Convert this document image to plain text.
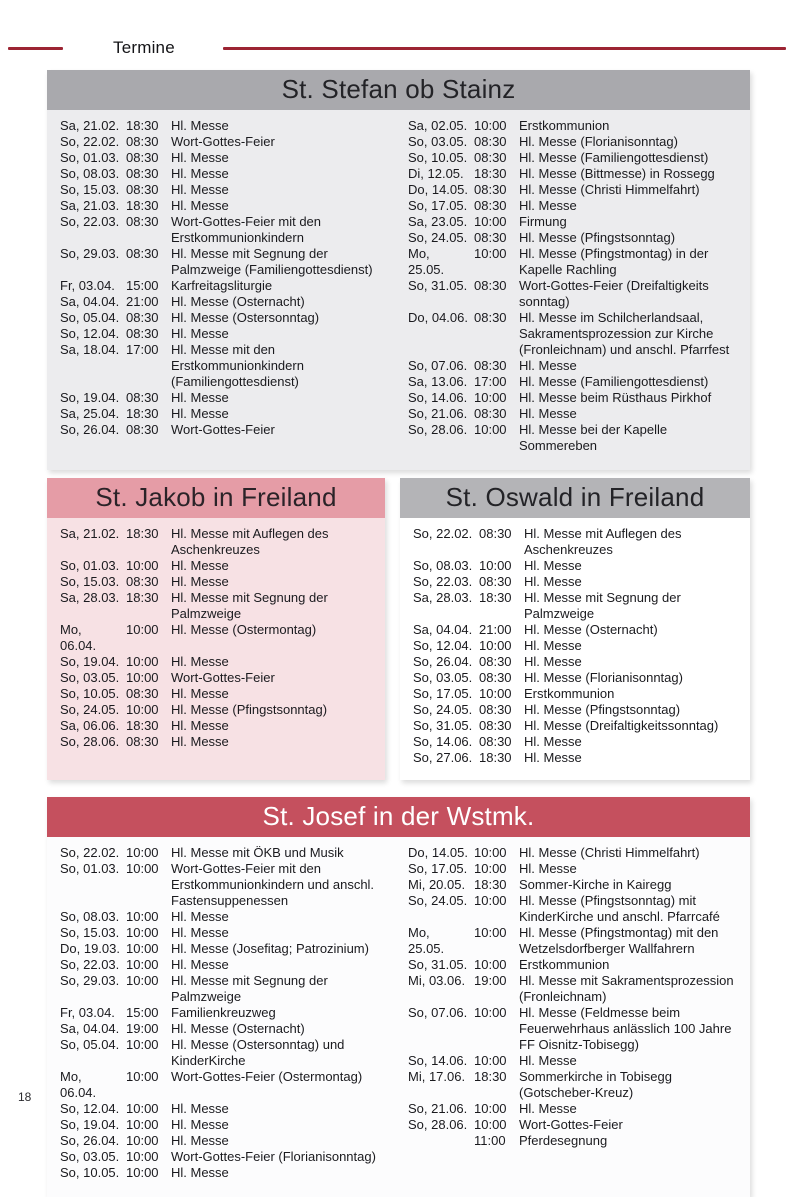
Termine
St. Stefan ob Stainz
Sa, 21.02. 18:30 Hl. Messe
So, 22.02. 08:30 Wort-Gottes-Feier
So, 01.03. 08:30 Hl. Messe
So, 08.03. 08:30 Hl. Messe
So, 15.03. 08:30 Hl. Messe
Sa, 21.03. 18:30 Hl. Messe
So, 22.03. 08:30 Wort-Gottes-Feier mit den Erstkommunionkindern
So, 29.03. 08:30 Hl. Messe mit Segnung der Palmzweige (Familiengottesdienst)
Fr, 03.04. 15:00 Karfreitagsliturgie
Sa, 04.04. 21:00 Hl. Messe (Osternacht)
So, 05.04. 08:30 Hl. Messe (Ostersonntag)
So, 12.04. 08:30 Hl. Messe
Sa, 18.04. 17:00 Hl. Messe mit den Erstkommunionkindern (Familiengottesdienst)
So, 19.04. 08:30 Hl. Messe
Sa, 25.04. 18:30 Hl. Messe
So, 26.04. 08:30 Wort-Gottes-Feier
Sa, 02.05. 10:00 Erstkommunion
So, 03.05. 08:30 Hl. Messe (Florianisonntag)
So, 10.05. 08:30 Hl. Messe (Familiengottesdienst)
Di, 12.05. 18:30 Hl. Messe (Bittmesse) in Rossegg
Do, 14.05. 08:30 Hl. Messe (Christi Himmelfahrt)
So, 17.05. 08:30 Hl. Messe
Sa, 23.05. 10:00 Firmung
So, 24.05. 08:30 Hl. Messe (Pfingstsonntag)
Mo, 25.05.
10:00 Hl. Messe (Pfingstmontag) in der Kapelle Rachling
So, 31.05. 08:30 Wort-Gottes-Feier (Dreifaltigkeits sonntag)
Do, 04.06. 08:30 Hl. Messe im Schilcherlandsaal, Sakramentsprozession zur Kirche (Fronleichnam) und anschl. Pfarrfest
So, 07.06. 08:30 Hl. Messe
Sa, 13.06. 17:00 Hl. Messe (Familiengottesdienst)
So, 14.06. 10:00 Hl. Messe beim Rüsthaus Pirkhof
So, 21.06. 08:30 Hl. Messe
So, 28.06. 10:00 Hl. Messe bei der Kapelle Sommereben
St. Jakob in Freiland
Sa, 21.02. 18:30 Hl. Messe mit Auflegen des Aschenkreuzes
So, 01.03. 10:00 Hl. Messe
So, 15.03. 08:30 Hl. Messe
Sa, 28.03. 18:30 Hl. Messe mit Segnung der Palmzweige
Mo, 06.04.
10:00 Hl. Messe (Ostermontag)
So, 19.04. 10:00 Hl. Messe
So, 03.05. 10:00 Wort-Gottes-Feier
So, 10.05. 08:30 Hl. Messe
So, 24.05. 10:00 Hl. Messe (Pfingstsonntag)
Sa, 06.06. 18:30 Hl. Messe
So, 28.06. 08:30 Hl. Messe
St. Oswald in Freiland
So, 22.02. 08:30 Hl. Messe mit Auflegen des Aschenkreuzes
So, 08.03. 10:00 Hl. Messe
So, 22.03. 08:30 Hl. Messe
Sa, 28.03. 18:30 Hl. Messe mit Segnung der Palmzweige
Sa, 04.04. 21:00 Hl. Messe (Osternacht)
So, 12.04. 10:00 Hl. Messe
So, 26.04. 08:30 Hl. Messe
So, 03.05. 08:30 Hl. Messe (Florianisonntag)
So, 17.05. 10:00 Erstkommunion
So, 24.05. 08:30 Hl. Messe (Pfingstsonntag)
So, 31.05. 08:30 Hl. Messe (Dreifaltigkeitssonntag)
So, 14.06. 08:30 Hl. Messe
So, 27.06. 18:30 Hl. Messe
St. Josef in der Wstmk.
So, 22.02. 10:00 Hl. Messe mit ÖKB und Musik
So, 01.03. 10:00 Wort-Gottes-Feier mit den Erstkommunionkindern und anschl. Fastensuppenessen
So, 08.03. 10:00 Hl. Messe
So, 15.03. 10:00 Hl. Messe
Do, 19.03. 10:00 Hl. Messe (Josefitag; Patrozinium)
So, 22.03. 10:00 Hl. Messe
So, 29.03. 10:00 Hl. Messe mit Segnung der Palmzweige
Fr, 03.04. 15:00 Familienkreuzweg
Sa, 04.04. 19:00 Hl. Messe (Osternacht)
So, 05.04. 10:00 Hl. Messe (Ostersonntag) und KinderKirche
Mo, 06.04.
10:00 Wort-Gottes-Feier (Ostermontag)
So, 12.04. 10:00 Hl. Messe
So, 19.04. 10:00 Hl. Messe
So, 26.04. 10:00 Hl. Messe
So, 03.05. 10:00 Wort-Gottes-Feier (Florianisonntag)
So, 10.05. 10:00 Hl. Messe
Do, 14.05. 10:00 Hl. Messe (Christi Himmelfahrt)
So, 17.05. 10:00 Hl. Messe
Mi, 20.05. 18:30 Sommer-Kirche in Kairegg
So, 24.05. 10:00 Hl. Messe (Pfingstsonntag) mit KinderKirche und anschl. Pfarrcafé
Mo, 25.05.
10:00 Hl. Messe (Pfingstmontag) mit den Wetzelsdorfberger Wallfahrern
So, 31.05. 10:00 Erstkommunion
Mi, 03.06. 19:00 Hl. Messe mit Sakramentsprozession (Fronleichnam)
So, 07.06. 10:00 Hl. Messe (Feldmesse beim Feuerwehrhaus anlässlich 100 Jahre FF Oisnitz-Tobisegg)
So, 14.06. 10:00 Hl. Messe
Mi, 17.06. 18:30 Sommerkirche in Tobisegg (Gotscheber-Kreuz)
So, 21.06. 10:00 Hl. Messe
So, 28.06. 10:00 Wort-Gottes-Feier
11:00	Pferdesegnung
18
